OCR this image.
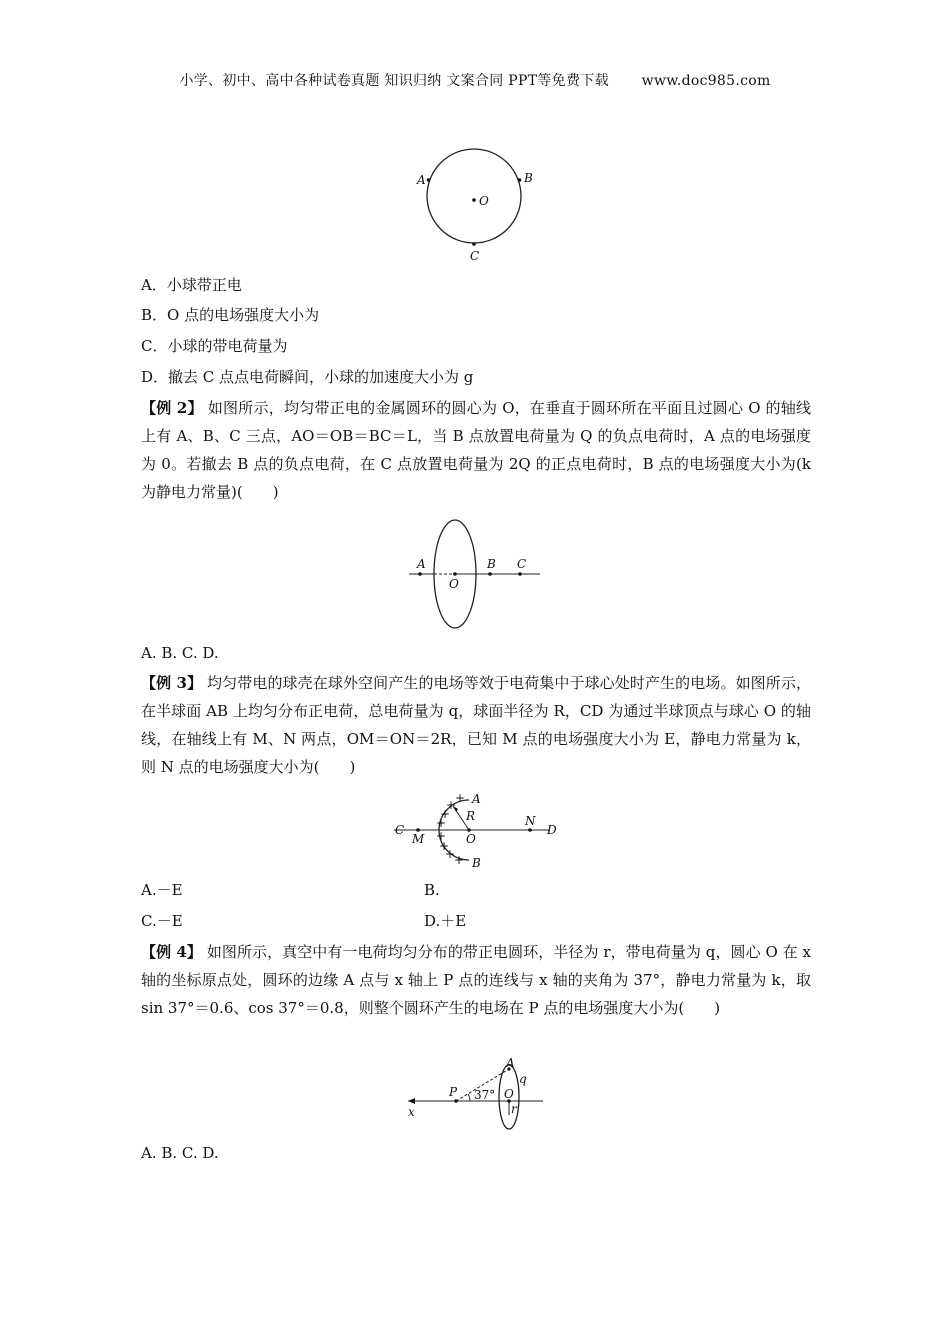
小学、初中、高中各种试卷真题 知识归纳 文案合同 PPT等免费下载 www.doc985.com
A	B
O
C
A．小球带正电
B．O 点的电场强度大小为
C．小球的带电荷量为
D．撤去 C 点点电荷瞬间，小球的加速度大小为 g
【例 2】 如图所示，均匀带正电的金属圆环的圆心为 O，在垂直于圆环所在平面且过圆心 O 的轴线上有 A、B、C 三点，AO＝OB＝BC＝L，当 B 点放置电荷量为 Q 的负点电荷时，A 点的电场强度为 0。若撤去 B 点的负点电荷，在 C 点放置电荷量为 2Q 的正点电荷时，B 点的电场强度大小为(k 为静电力常量)(　　)
A
O
B C
A. B. C. D.
【例 3】 均匀带电的球壳在球外空间产生的电场等效于电荷集中于球心处时产生的电场。如图所示，在半球面 AB 上均匀分布正电荷，总电荷量为 q，球面半径为 R，CD 为通过半球顶点与球心 O 的轴线，在轴线上有 M、N 两点，OM＝ON＝2R，已知 M 点的电场强度大小为 E，静电力常量为 k，则 N 点的电场强度大小为(　　)
+
+
+
+
+
+
+
+
A
R
C
M	O
N
D
B
A.－E	B.
C.－E	D.＋E
【例 4】 如图所示，真空中有一电荷均匀分布的带正电圆环，半径为 r，带电荷量为 q，圆心 O 在 x 轴的坐标原点处，圆环的边缘 A 点与 x 轴上 P 点的连线与 x 轴的夹角为 37°，静电力常量为 k，取 sin 37°＝0.6、cos 37°＝0.8，则整个圆环产生的电场在 P 点的电场强度大小为(　　)
A
q
P 37° O
r
x
A. B. C. D.
